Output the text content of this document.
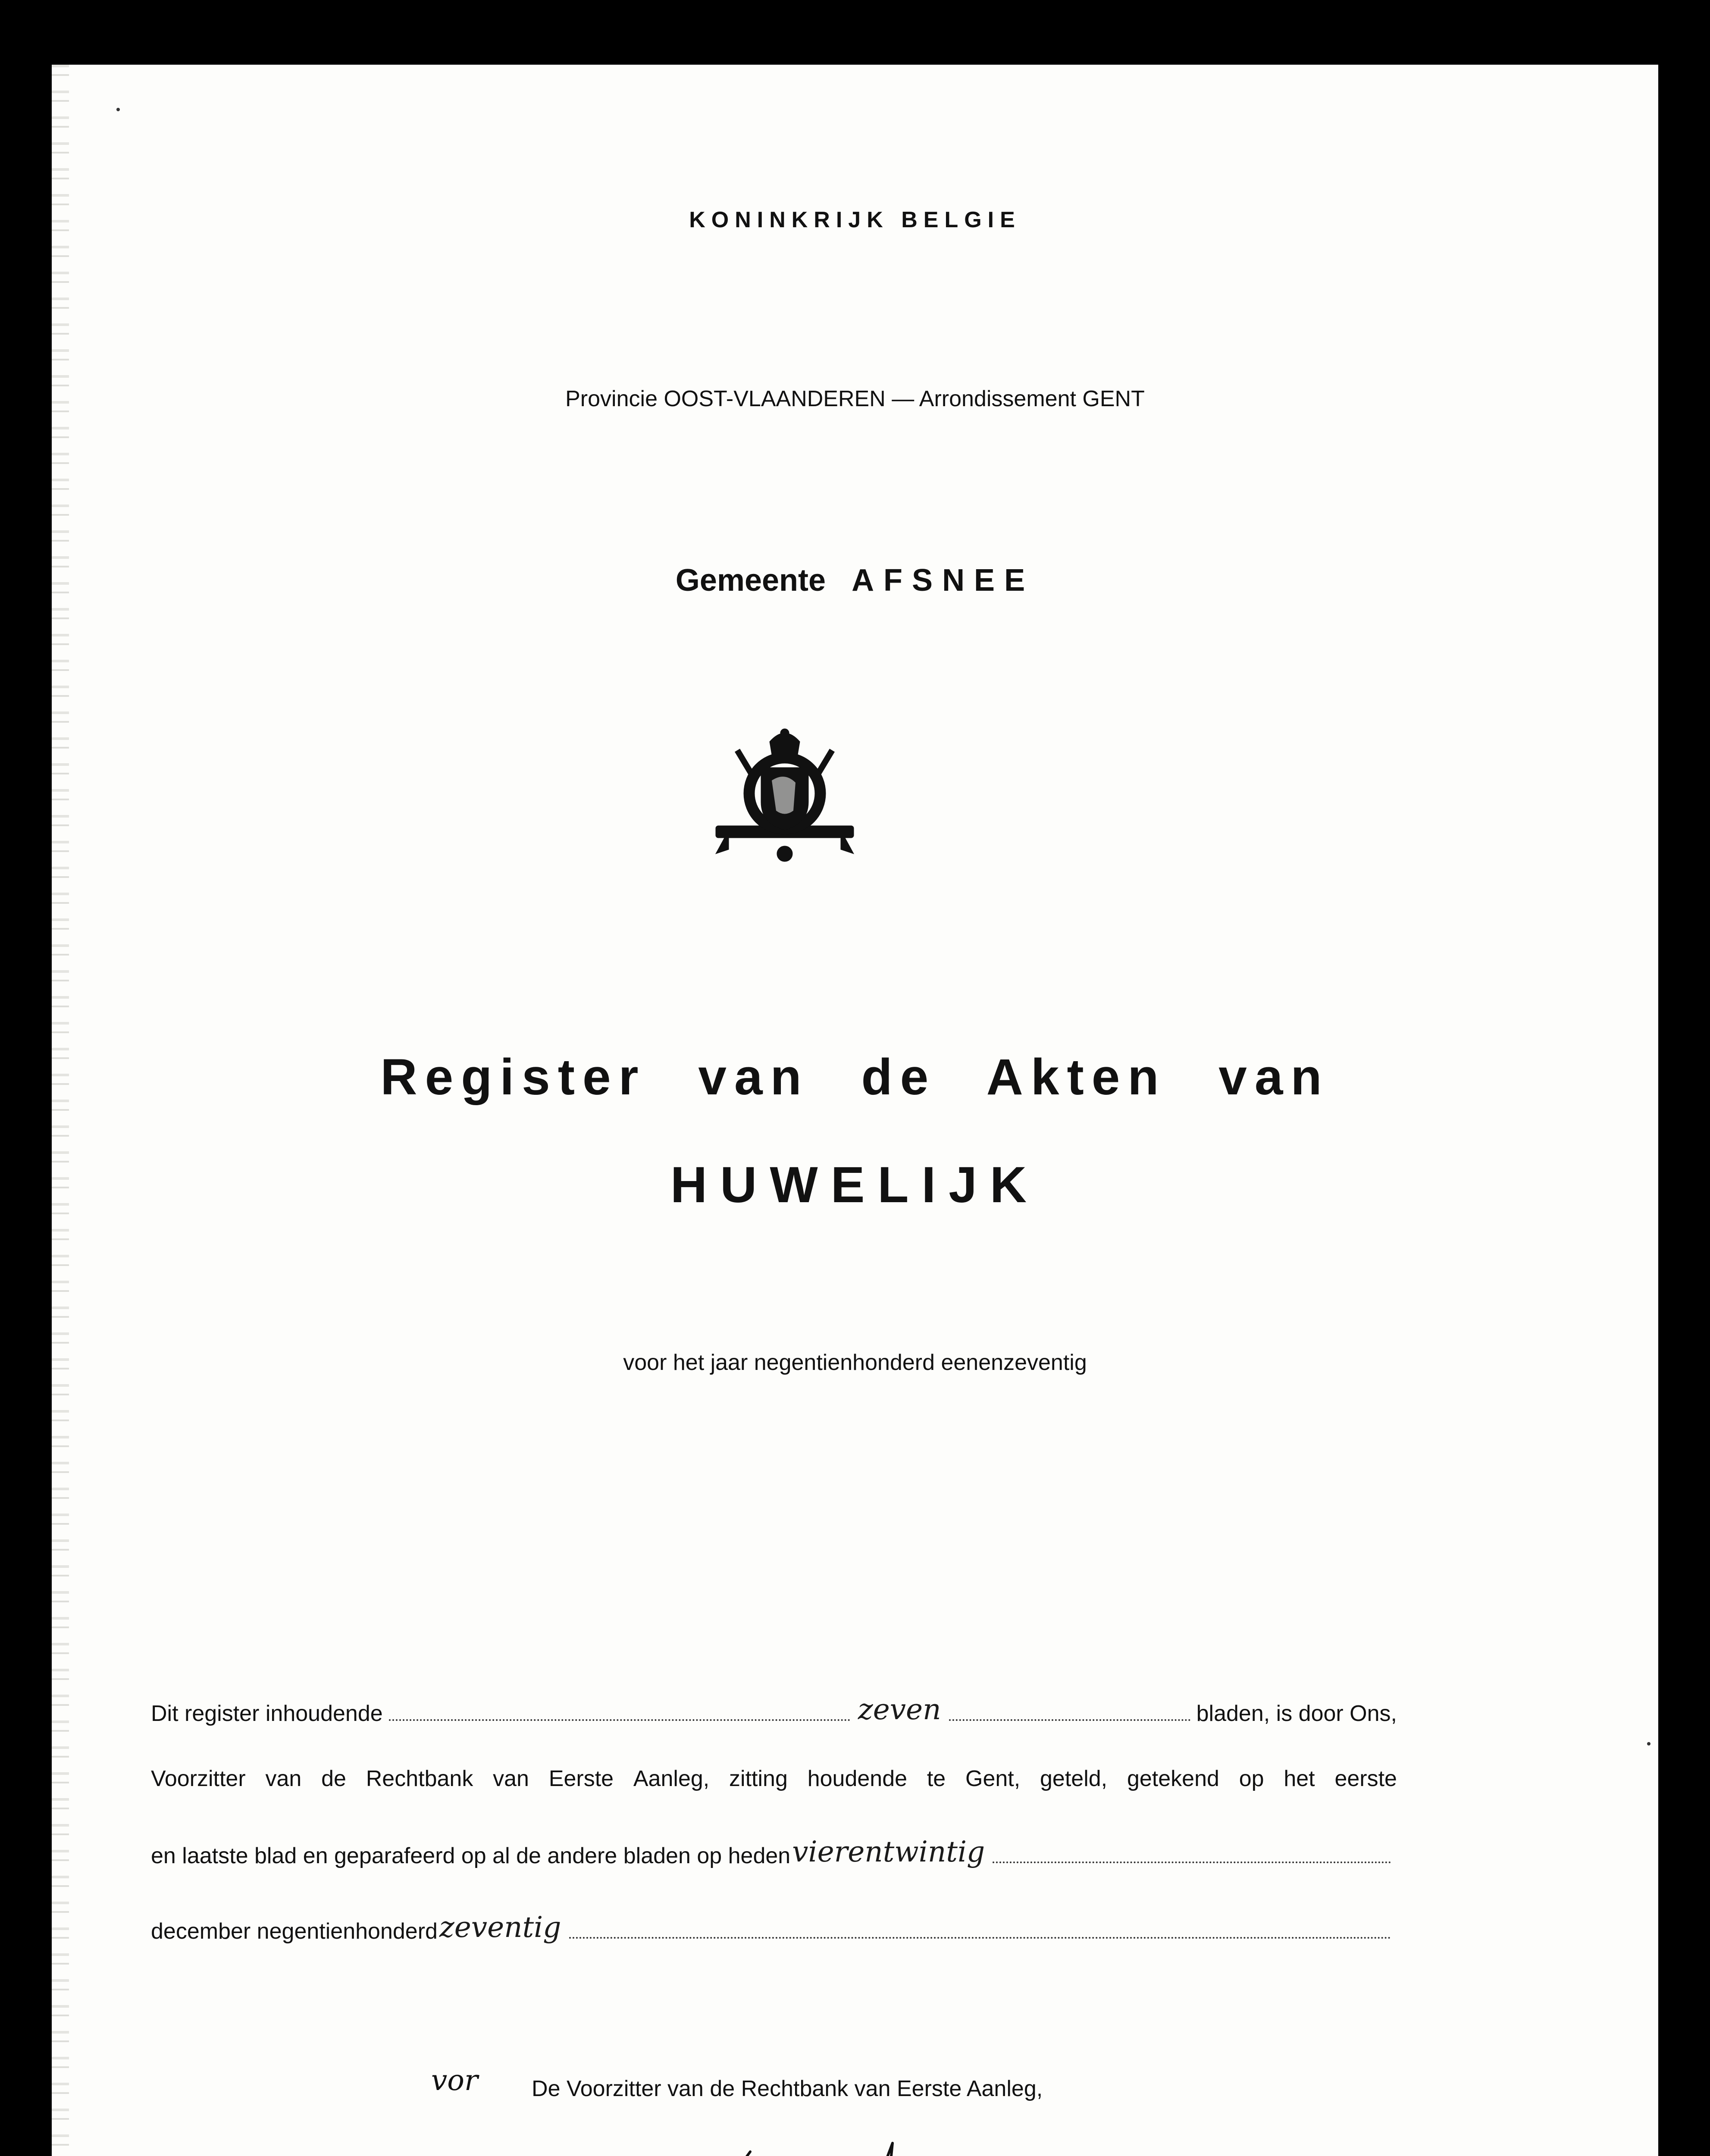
KONINKRIJK BELGIE
Provincie OOST-VLAANDEREN — Arrondissement GENT
Gemeente AFSNEE
Register van de Akten van
HUWELIJK
voor het jaar negentienhonderd eenenzeventig
Dit register inhoudende	zeven	bladen, is door Ons,
Voorzitter van de Rechtbank van Eerste Aanleg, zitting houdende te Gent, geteld, getekend op het eerste
en laatste blad en geparafeerd op al de andere bladen op heden vierentwintig
december negentienhonderd zeventig
vor De Voorzitter van de Rechtbank van Eerste Aanleg,
